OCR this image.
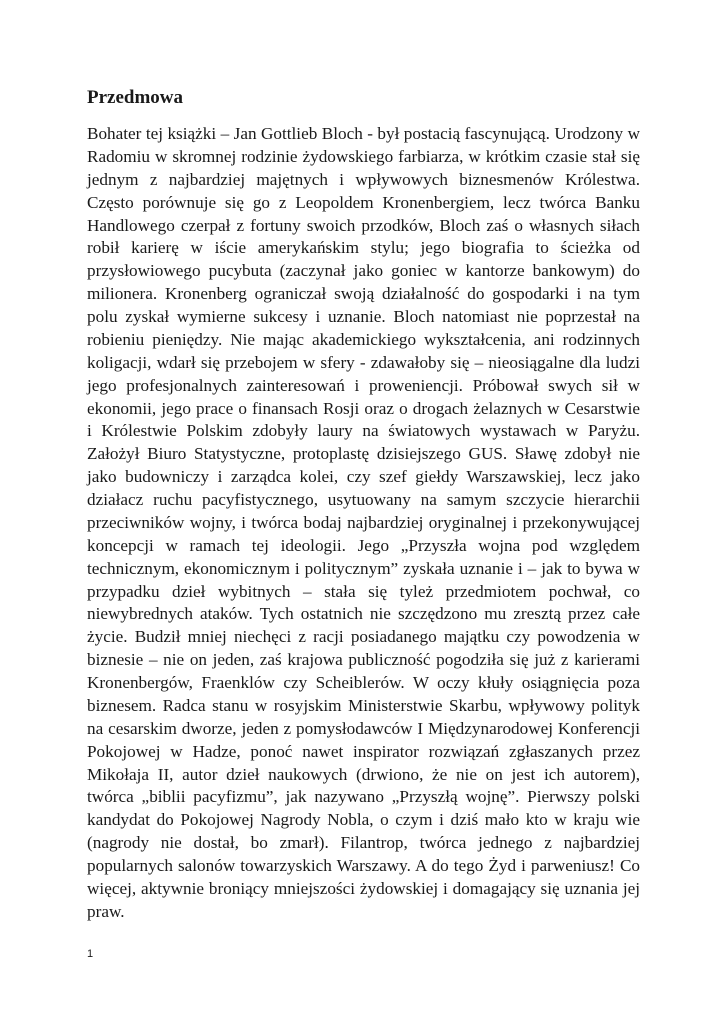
Przedmowa

Bohater tej książki – Jan Gottlieb Bloch - był postacią fascynującą. Urodzony w Radomiu w skromnej rodzinie żydowskiego farbiarza, w krótkim czasie stał się jednym z najbardziej majętnych i wpływowych biznesmenów Królestwa. Często porównuje się go z Leopoldem Kronenbergiem, lecz twórca Banku Handlowego czerpał z fortuny swoich przodków, Bloch zaś o własnych siłach robił karierę w iście amerykańskim stylu; jego biografia to ścieżka od przysłowiowego pucybuta (zaczynał jako goniec w kantorze bankowym) do milionera. Kronenberg ograniczał swoją działalność do gospodarki i na tym polu zyskał wymierne sukcesy i uznanie. Bloch natomiast nie poprzestał na robieniu pieniędzy. Nie mając akademickiego wykształcenia, ani rodzinnych koligacji, wdarł się przebojem w sfery - zdawałoby się – nieosiągalne dla ludzi jego profesjonalnych zainteresowań i proweniencji. Próbował swych sił w ekonomii, jego prace o finansach Rosji oraz o drogach żelaznych w Cesarstwie i Królestwie Polskim zdobyły laury na światowych wystawach w Paryżu. Założył Biuro Statystyczne, protoplastę dzisiejszego GUS. Sławę zdobył nie jako budowniczy i zarządca kolei, czy szef giełdy Warszawskiej, lecz jako działacz ruchu pacyfistycznego, usytuowany na samym szczycie hierarchii przeciwników wojny, i twórca bodaj najbardziej oryginalnej i przekonywującej koncepcji w ramach tej ideologii. Jego „Przyszła wojna pod względem technicznym, ekonomicznym i politycznym” zyskała uznanie i – jak to bywa w przypadku dzieł wybitnych – stała się tyleż przedmiotem pochwał, co niewybrednych ataków. Tych ostatnich nie szczędzono mu zresztą przez całe życie. Budził mniej niechęci z racji posiadanego majątku czy powodzenia w biznesie – nie on jeden, zaś krajowa publiczność pogodziła się już z karierami Kronenbergów, Fraenklów czy Scheiblerów. W oczy kłuły osiągnięcia poza biznesem. Radca stanu w rosyjskim Ministerstwie Skarbu, wpływowy polityk na cesarskim dworze, jeden z pomysłodawców I Międzynarodowej Konferencji Pokojowej w Hadze, ponoć nawet inspirator rozwiązań zgłaszanych przez Mikołaja II, autor dzieł naukowych (drwiono, że nie on jest ich autorem), twórca „biblii pacyfizmu”, jak nazywano „Przyszłą wojnę”. Pierwszy polski kandydat do Pokojowej Nagrody Nobla, o czym i dziś mało kto w kraju wie (nagrody nie dostał, bo zmarł). Filantrop, twórca jednego z najbardziej popularnych salonów towarzyskich Warszawy. A do tego Żyd i parweniusz! Co więcej, aktywnie broniący mniejszości żydowskiej i domagający się uznania jej praw.

1
